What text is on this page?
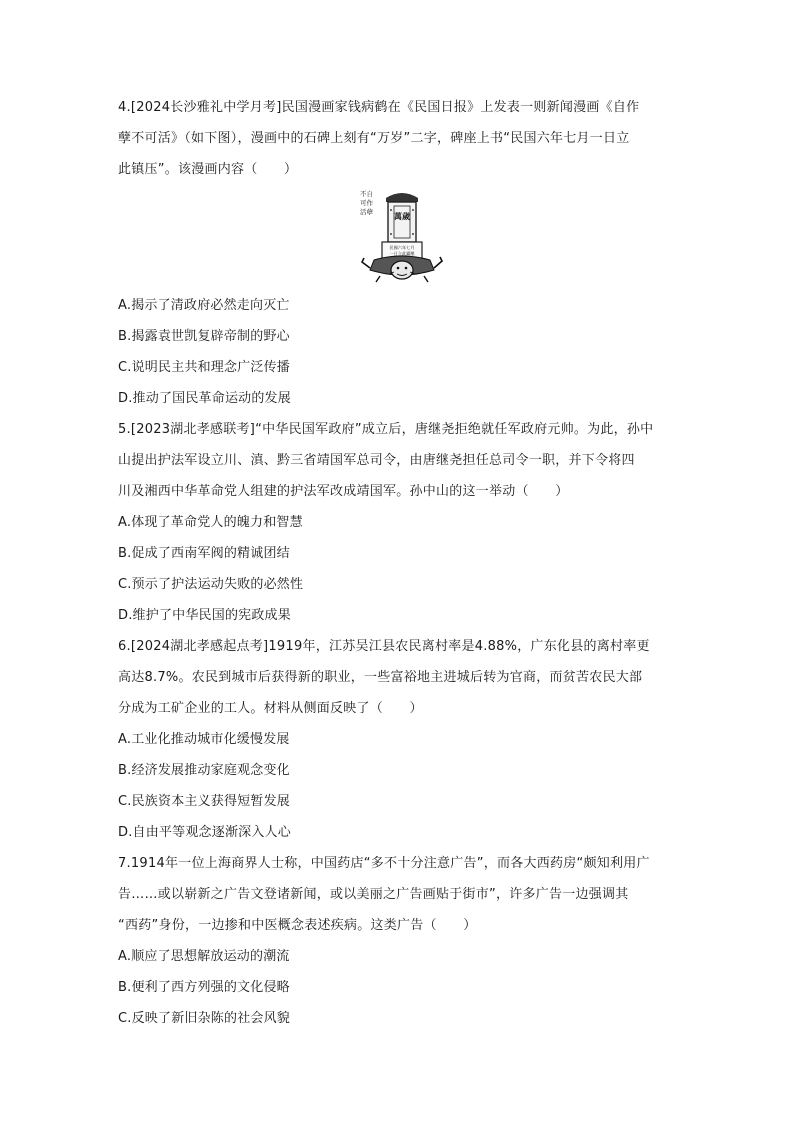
4.[2024长沙雅礼中学月考]民国漫画家钱病鹤在《民国日报》上发表一则新闻漫画《自作
孽不可活》（如下图），漫画中的石碑上刻有“万岁”二字，碑座上书“民国六年七月一日立
此镇压”。该漫画内容（　　）
不自
可作
活孽	萬歲
民國六年七月
一日立此鎮壓
A.揭示了清政府必然走向灭亡
B.揭露袁世凯复辟帝制的野心
C.说明民主共和理念广泛传播
D.推动了国民革命运动的发展
5.[2023湖北孝感联考]“中华民国军政府”成立后，唐继尧拒绝就任军政府元帅。为此，孙中
山提出护法军设立川、滇、黔三省靖国军总司令，由唐继尧担任总司令一职，并下令将四
川及湘西中华革命党人组建的护法军改成靖国军。孙中山的这一举动（　　）
A.体现了革命党人的魄力和智慧
B.促成了西南军阀的精诚团结
C.预示了护法运动失败的必然性
D.维护了中华民国的宪政成果
6.[2024湖北孝感起点考]1919年，江苏吴江县农民离村率是4.88%，广东化县的离村率更
高达8.7%。农民到城市后获得新的职业，一些富裕地主进城后转为官商，而贫苦农民大部
分成为工矿企业的工人。材料从侧面反映了（　　）
A.工业化推动城市化缓慢发展
B.经济发展推动家庭观念变化
C.民族资本主义获得短暂发展
D.自由平等观念逐渐深入人心
7.1914年一位上海商界人士称，中国药店“多不十分注意广告”，而各大西药房“颇知利用广
告……或以崭新之广告文登诸新闻，或以美丽之广告画贴于街市”，许多广告一边强调其
“西药”身份，一边掺和中医概念表述疾病。这类广告（　　）
A.顺应了思想解放运动的潮流
B.便利了西方列强的文化侵略
C.反映了新旧杂陈的社会风貌
